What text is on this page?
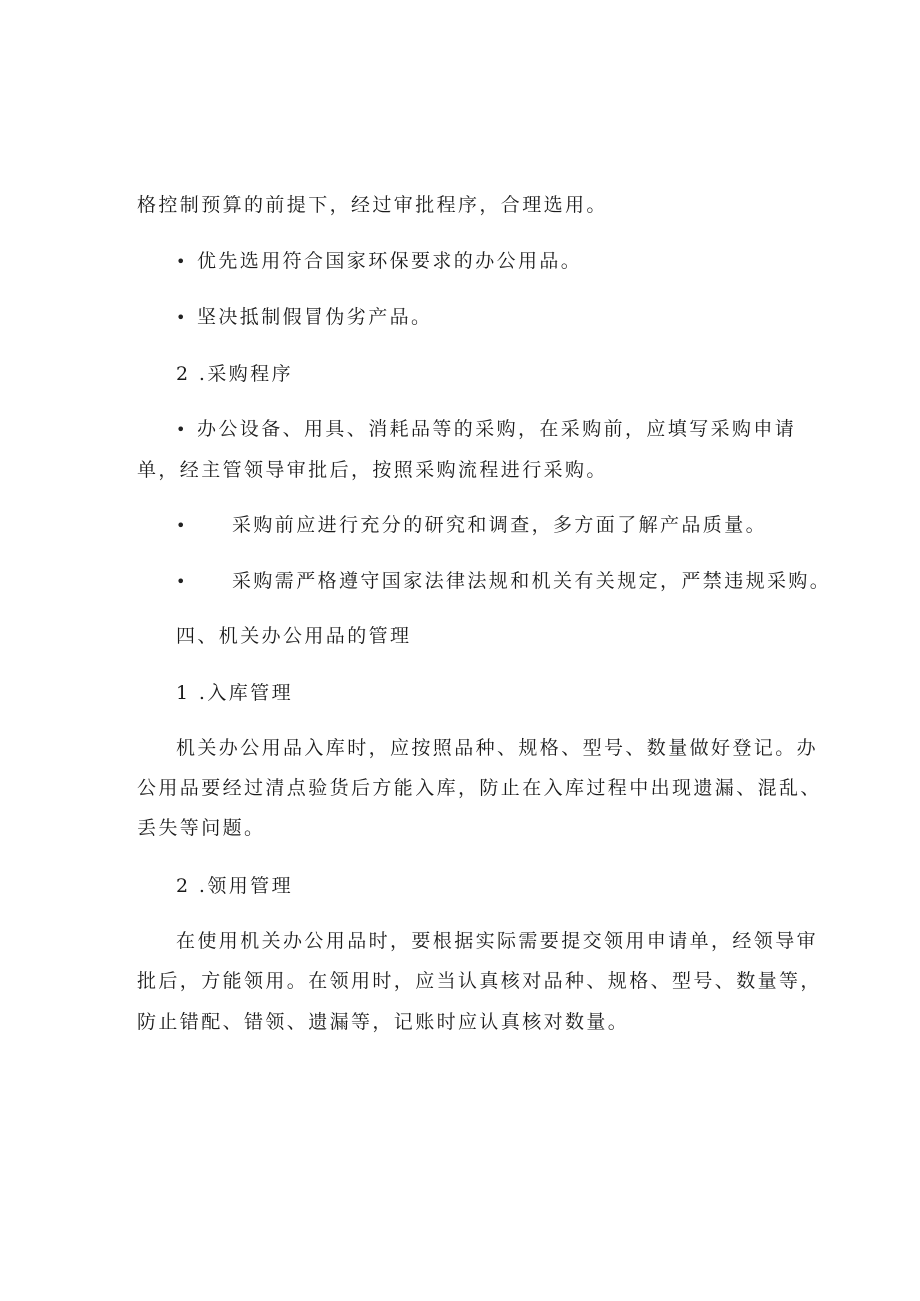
格控制预算的前提下，经过审批程序，合理选用。
• 优先选用符合国家环保要求的办公用品。
• 坚决抵制假冒伪劣产品。
2 .采购程序
• 办公设备、用具、消耗品等的采购，在采购前，应填写采购申请
单，经主管领导审批后，按照采购流程进行采购。
• 采购前应进行充分的研究和调查，多方面了解产品质量。
• 采购需严格遵守国家法律法规和机关有关规定，严禁违规采购。
四、机关办公用品的管理
1 .入库管理
机关办公用品入库时，应按照品种、规格、型号、数量做好登记。办
公用品要经过清点验货后方能入库，防止在入库过程中出现遗漏、混乱、
丢失等问题。
2 .领用管理
在使用机关办公用品时，要根据实际需要提交领用申请单，经领导审
批后，方能领用。在领用时，应当认真核对品种、规格、型号、数量等，
防止错配、错领、遗漏等，记账时应认真核对数量。
